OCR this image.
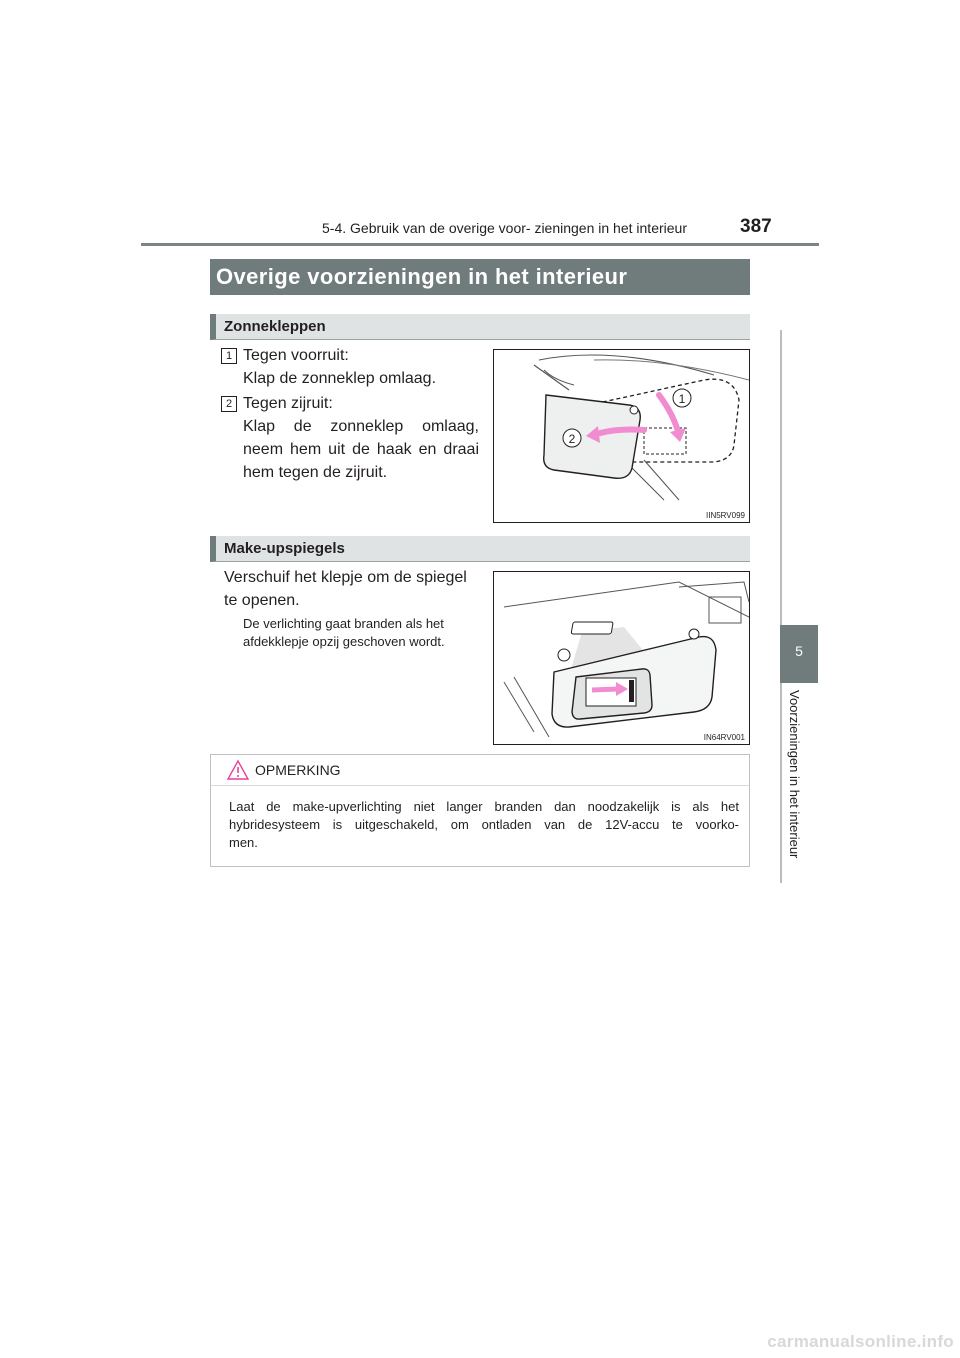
5-4. Gebruik van de overige voor- zieningen in het interieur	387
Overige voorzieningen in het interieur
Zonnekleppen
1 Tegen voorruit:
Klap de zonneklep omlaag.
2 Tegen zijruit:
Klap de zonneklep omlaag,
neem hem uit de haak en draai
hem tegen de zijruit.
1
2
IIN5RV099
Make-upspiegels
Verschuif het klepje om de spiegel
te openen.
De verlichting gaat branden als het
afdekklepje opzij geschoven wordt.
IN64RV001
OPMERKING
Laat de make-upverlichting niet langer branden dan noodzakelijk is als het
hybridesysteem is uitgeschakeld, om ontladen van de 12V-accu te voorko-
men.
5
Voorzieningen in het interieur
carmanualsonline.info
